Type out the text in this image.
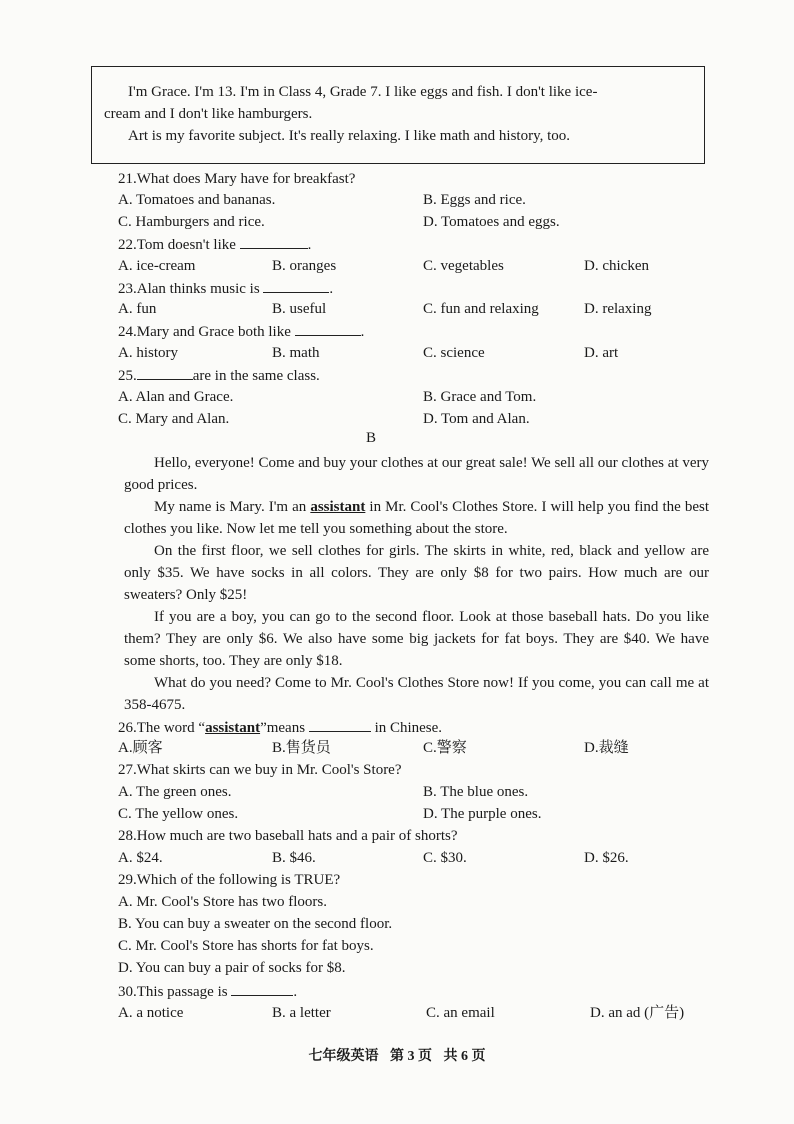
I'm Grace. I'm 13. I'm in Class 4, Grade 7. I like eggs and fish. I don't like ice-
cream and I don't like hamburgers.
Art is my favorite subject. It's really relaxing. I like math and history, too.
21.What does Mary have for breakfast?
A. Tomatoes and bananas.	B. Eggs and rice.
C. Hamburgers and rice.	D. Tomatoes and eggs.
22.Tom doesn't like	.
A. ice-cream	B. oranges	C. vegetables	D. chicken
23.Alan thinks music is	.
A. fun	B. useful	C. fun and relaxing	D. relaxing
24.Mary and Grace both like	.
A. history	B. math	C. science	D. art
25.	are in the same class.
A. Alan and Grace.	B. Grace and Tom.
C. Mary and Alan.	D. Tom and Alan.
B

Hello, everyone! Come and buy your clothes at our great sale! We sell all our clothes at very good prices.

My name is Mary. I'm an assistant in Mr. Cool's Clothes Store. I will help you find the best clothes you like. Now let me tell you something about the store.

On the first floor, we sell clothes for girls. The skirts in white, red, black and yellow are only $35. We have socks in all colors. They are only $8 for two pairs. How much are our sweaters? Only $25!

If you are a boy, you can go to the second floor. Look at those baseball hats. Do you like them? They are only $6. We also have some big jackets for fat boys. They are $40. We have some shorts, too. They are only $18.

What do you need? Come to Mr. Cool's Clothes Store now! If you come, you can call me at 358-4675.

26.The word “assistant”means	in Chinese.
A.顾客	B.售货员	C.警察	D.裁缝
27.What skirts can we buy in Mr. Cool's Store?
A. The green ones.	B. The blue ones.
C. The yellow ones.	D. The purple ones.
28.How much are two baseball hats and a pair of shorts?
A. $24.	B. $46.	C. $30.	D. $26.
29.Which of the following is TRUE?
A. Mr. Cool's Store has two floors.
B. You can buy a sweater on the second floor.
C. Mr. Cool's Store has shorts for fat boys.
D. You can buy a pair of socks for $8.
30.This passage is	.
A. a notice	B. a letter	C. an email	D. an ad (广告)
七年级英语 第 3 页 共 6 页
